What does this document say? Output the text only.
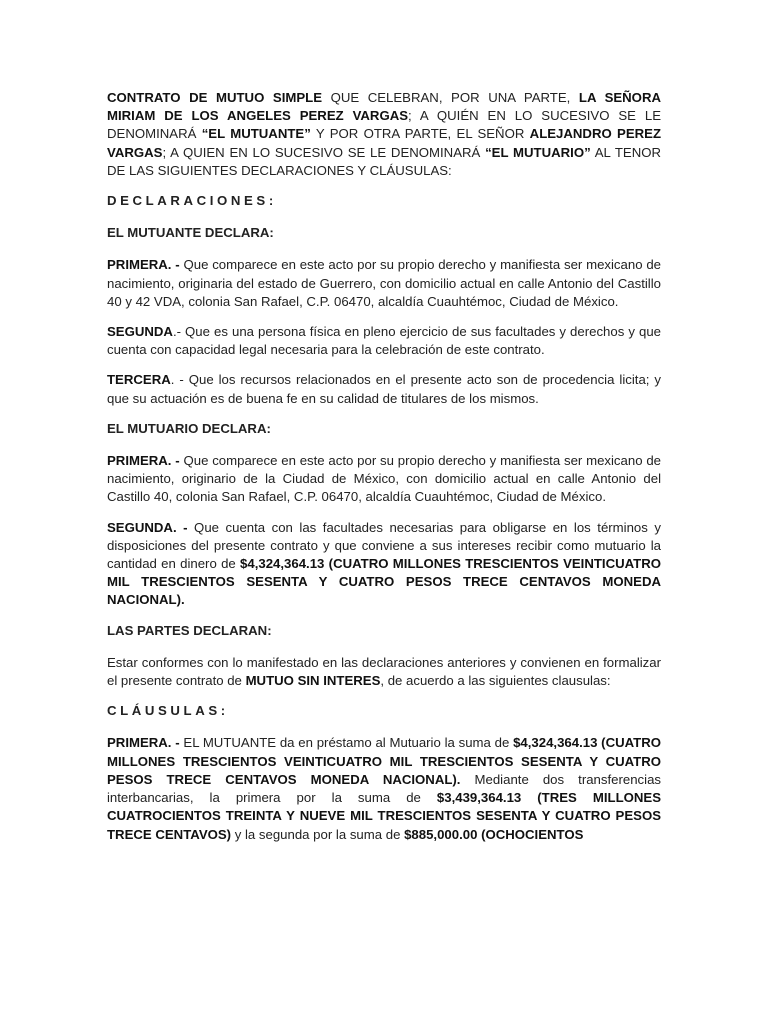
CONTRATO DE MUTUO SIMPLE QUE CELEBRAN, POR UNA PARTE, LA SEÑORA MIRIAM DE LOS ANGELES PEREZ VARGAS; A QUIÉN EN LO SUCESIVO SE LE DENOMINARÁ “EL MUTUANTE” Y POR OTRA PARTE, EL SEÑOR ALEJANDRO PEREZ VARGAS; A QUIEN EN LO SUCESIVO SE LE DENOMINARÁ “EL MUTUARIO” AL TENOR DE LAS SIGUIENTES DECLARACIONES Y CLÁUSULAS:

DECLARACIONES:

EL MUTUANTE DECLARA:

PRIMERA. - Que comparece en este acto por su propio derecho y manifiesta ser mexicano de nacimiento, originaria del estado de Guerrero, con domicilio actual en calle Antonio del Castillo 40 y 42 VDA, colonia San Rafael, C.P. 06470, alcaldía Cuauhtémoc, Ciudad de México.

SEGUNDA.- Que es una persona física en pleno ejercicio de sus facultades y derechos y que cuenta con capacidad legal necesaria para la celebración de este contrato.

TERCERA. - Que los recursos relacionados en el presente acto son de procedencia licita; y que su actuación es de buena fe en su calidad de titulares de los mismos.

EL MUTUARIO DECLARA:

PRIMERA. - Que comparece en este acto por su propio derecho y manifiesta ser mexicano de nacimiento, originario de la Ciudad de México, con domicilio actual en calle Antonio del Castillo 40, colonia San Rafael, C.P. 06470, alcaldía Cuauhtémoc, Ciudad de México.

SEGUNDA. - Que cuenta con las facultades necesarias para obligarse en los términos y disposiciones del presente contrato y que conviene a sus intereses recibir como mutuario la cantidad en dinero de $4,324,364.13 (CUATRO MILLONES TRESCIENTOS VEINTICUATRO MIL TRESCIENTOS SESENTA Y CUATRO PESOS TRECE CENTAVOS MONEDA NACIONAL).

LAS PARTES DECLARAN:

Estar conformes con lo manifestado en las declaraciones anteriores y convienen en formalizar el presente contrato de MUTUO SIN INTERES, de acuerdo a las siguientes clausulas:

CLÁUSULAS:

PRIMERA. - EL MUTUANTE da en préstamo al Mutuario la suma de $4,324,364.13 (CUATRO MILLONES TRESCIENTOS VEINTICUATRO MIL TRESCIENTOS SESENTA Y CUATRO PESOS TRECE CENTAVOS MONEDA NACIONAL). Mediante dos transferencias interbancarias, la primera por la suma de $3,439,364.13 (TRES MILLONES CUATROCIENTOS TREINTA Y NUEVE MIL TRESCIENTOS SESENTA Y CUATRO PESOS TRECE CENTAVOS) y la segunda por la suma de $885,000.00 (OCHOCIENTOS
